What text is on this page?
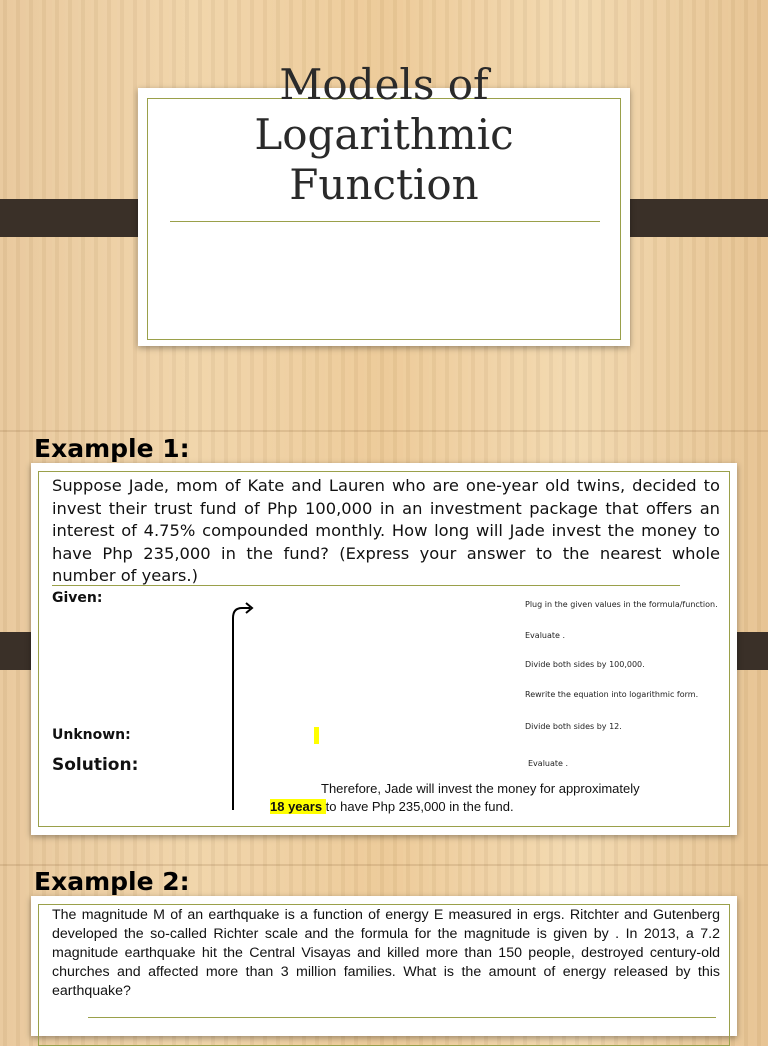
Models of
Logarithmic
Function
Example 1:
Suppose Jade, mom of Kate and Lauren who are one-year old twins, decided to invest their trust fund of Php 100,000 in an investment package that offers an interest of 4.75% compounded monthly. How long will Jade invest the money to have Php 235,000 in the fund? (Express your answer to the nearest whole number of years.)
Given:
Unknown:
Solution:
Plug in the given values in the formula/function.
Evaluate .
Divide both sides by 100,000.
Rewrite the equation into logarithmic form.
Divide both sides by 12.
Evaluate .
Therefore, Jade will invest the money for approximately
18 years to have Php 235,000 in the fund.
Example 2:
The magnitude M of an earthquake is a function of energy E measured in ergs. Ritchter and Gutenberg developed the so-called Richter scale and the formula for the magnitude is given by . In 2013, a 7.2 magnitude earthquake hit the Central Visayas and killed more than 150 people, destroyed century-old churches and affected more than 3 million families. What is the amount of energy released by this earthquake?
